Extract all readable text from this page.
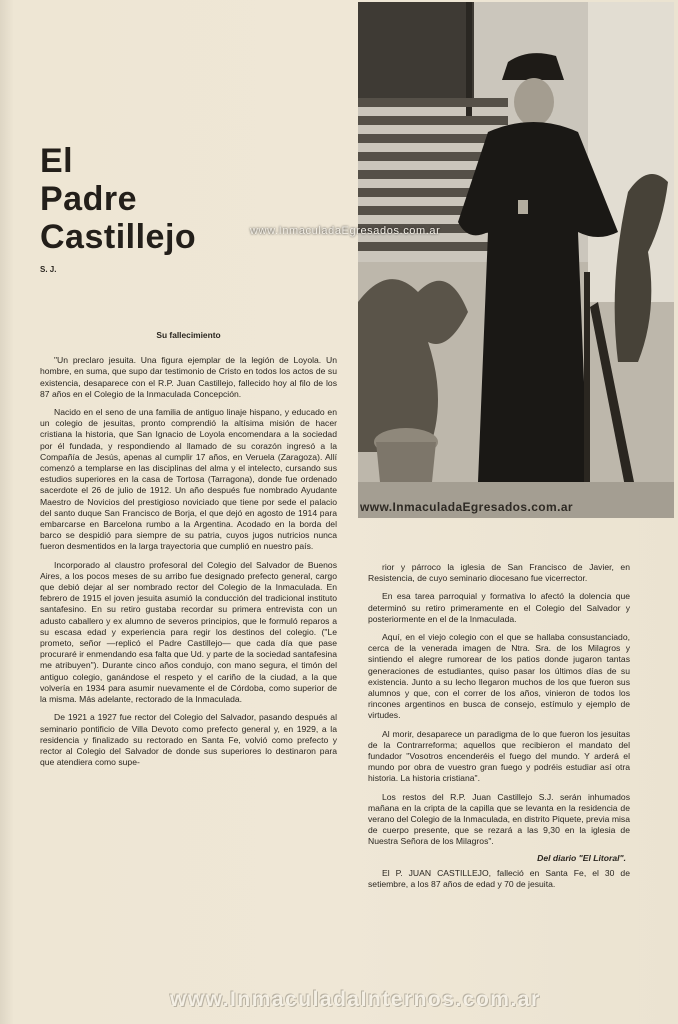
El
Padre
Castillejo
S. J.
www.InmaculadaEgresados.com.ar
www.InmaculadaEgresados.com.ar
Su fallecimiento

"Un preclaro jesuita. Una figura ejemplar de la legión de Loyola. Un hombre, en suma, que supo dar testimonio de Cristo en todos los actos de su existencia, desaparece con el R.P. Juan Castillejo, fallecido hoy al filo de los 87 años en el Colegio de la Inmaculada Concepción.

Nacido en el seno de una familia de antiguo linaje hispano, y educado en un colegio de jesuitas, pronto comprendió la altísima misión de hacer cristiana la historia, que San Ignacio de Loyola encomendara a la sociedad por él fundada, y respondiendo al llamado de su corazón ingresó a la Compañía de Jesús, apenas al cumplir 17 años, en Veruela (Zaragoza). Allí comenzó a templarse en las disciplinas del alma y el intelecto, cursando sus estudios superiores en la casa de Tortosa (Tarragona), donde fue ordenado sacerdote el 26 de julio de 1912. Un año después fue nombrado Ayudante Maestro de Novicios del prestigioso noviciado que tiene por sede el palacio del santo duque San Francisco de Borja, el que dejó en agosto de 1914 para embarcarse en Barcelona rumbo a la Argentina. Acodado en la borda del barco se despidió para siempre de su patria, cuyos jugos nutricios nunca fueron desmentidos en la larga trayectoria que cumplió en nuestro país.

Incorporado al claustro profesoral del Colegio del Salvador de Buenos Aires, a los pocos meses de su arribo fue designado prefecto general, cargo que debió dejar al ser nombrado rector del Colegio de la Inmaculada. En febrero de 1915 el joven jesuita asumió la conducción del tradicional instituto santafesino. En su retiro gustaba recordar su primera entrevista con un adusto caballero y ex alumno de severos principios, que le formuló reparos a su escasa edad y experiencia para regir los destinos del colegio. ("Le prometo, señor —replicó el Padre Castillejo— que cada día que pase procuraré ir enmendando esa falta que Ud. y parte de la sociedad santafesina me atribuyen"). Durante cinco años condujo, con mano segura, el timón del antiguo colegio, ganándose el respeto y el cariño de la ciudad, a la que volvería en 1934 para asumir nuevamente el de Córdoba, como superior de la misma. Más adelante, rectorado de la Inmaculada.

De 1921 a 1927 fue rector del Colegio del Salvador, pasando después al seminario pontificio de Villa Devoto como prefecto general y, en 1929, a la residencia y finalizado su rectorado en Santa Fe, volvió como prefecto y rector al Colegio del Salvador de donde sus superiores lo destinaron para que atendiera como supe-

rior y párroco la iglesia de San Francisco de Javier, en Resistencia, de cuyo seminario diocesano fue vicerrector.

En esa tarea parroquial y formativa lo afectó la dolencia que determinó su retiro primeramente en el Colegio del Salvador y posteriormente en el de la Inmaculada.

Aquí, en el viejo colegio con el que se hallaba consustanciado, cerca de la venerada imagen de Ntra. Sra. de los Milagros y sintiendo el alegre rumorear de los patios donde jugaron tantas generaciones de estudiantes, quiso pasar los últimos días de su existencia. Junto a su lecho llegaron muchos de los que fueron sus alumnos y que, con el correr de los años, vinieron de todos los rincones argentinos en busca de consejo, estímulo y ejemplo de virtudes.

Al morir, desaparece un paradigma de lo que fueron los jesuitas de la Contrarreforma; aquellos que recibieron el mandato del fundador "Vosotros encenderéis el fuego del mundo. Y arderá el mundo por obra de vuestro gran fuego y podréis estudiar así otra historia. La historia cristiana".

Los restos del R.P. Juan Castillejo S.J. serán inhumados mañana en la cripta de la capilla que se levanta en la residencia de verano del Colegio de la Inmaculada, en distrito Piquete, previa misa de cuerpo presente, que se rezará a las 9,30 en la iglesia de Nuestra Señora de los Milagros".

Del diario "El Litoral".

El P. JUAN CASTILLEJO, falleció en Santa Fe, el 30 de setiembre, a los 87 años de edad y 70 de jesuita.

www.InmaculadaInternos.com.ar
